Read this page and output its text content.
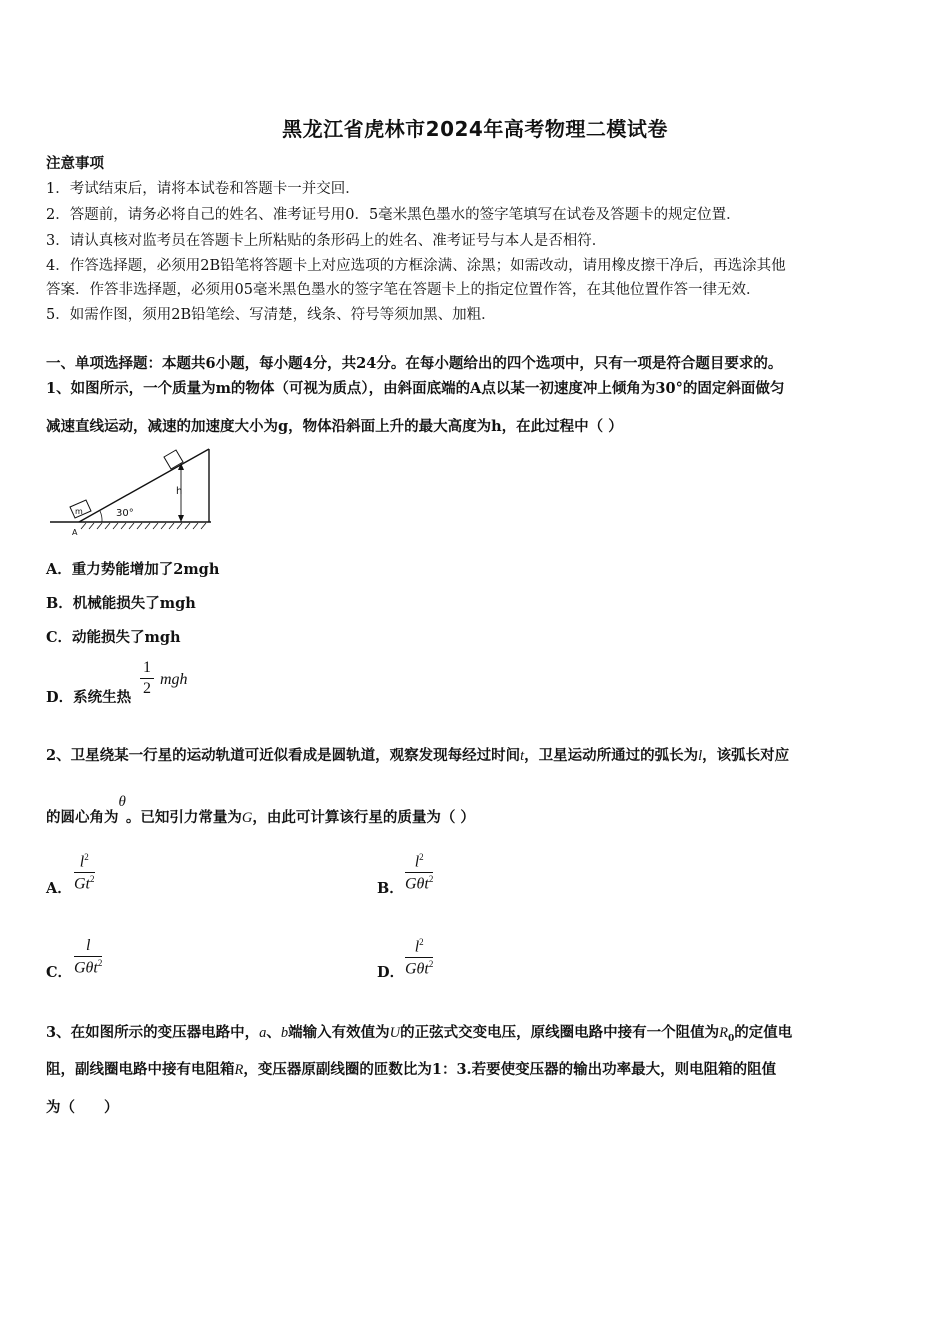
黑龙江省虎林市2024年高考物理二模试卷
注意事项
1．考试结束后，请将本试卷和答题卡一并交回．
2．答题前，请务必将自己的姓名、准考证号用0．5毫米黑色墨水的签字笔填写在试卷及答题卡的规定位置．
3．请认真核对监考员在答题卡上所粘贴的条形码上的姓名、准考证号与本人是否相符．
4．作答选择题，必须用2B铅笔将答题卡上对应选项的方框涂满、涂黑；如需改动，请用橡皮擦干净后，再选涂其他
答案．作答非选择题，必须用05毫米黑色墨水的签字笔在答题卡上的指定位置作答，在其他位置作答一律无效．
5．如需作图，须用2B铅笔绘、写清楚，线条、符号等须加黑、加粗．
一、单项选择题：本题共6小题，每小题4分，共24分。在每小题给出的四个选项中，只有一项是符合题目要求的。
1、如图所示，一个质量为m的物体（可视为质点），由斜面底端的A点以某一初速度冲上倾角为30°的固定斜面做匀
减速直线运动，减速的加速度大小为g，物体沿斜面上升的最大高度为h，在此过程中（ ）
m
h
30°
A
A．重力势能增加了2mgh
B．机械能损失了mgh
C．动能损失了mgh
D．系统生热 $\frac{1}{2}$ mgh
2、卫星绕某一行星的运动轨道可近似看成是圆轨道，观察发现每经过时间t，卫星运动所通过的弧长为l，该弧长对应
的圆心角为θ。已知引力常量为G，由此可计算该行星的质量为（ ）
A． $\frac{l^2}{Gt^2}$	B．
$l^2$
Gθt$^2$
C．
l
Gθt$^2$
D．
$l^2$
Gθt$^2$
3、在如图所示的变压器电路中，a、b端输入有效值为U的正弦式交变电压，原线圈电路中接有一个阻值为$R_0$的定值电
阻，副线圈电路中接有电阻箱R，变压器原副线圈的匝数比为1：3.若要使变压器的输出功率最大，则电阻箱的阻值
为（　　）
